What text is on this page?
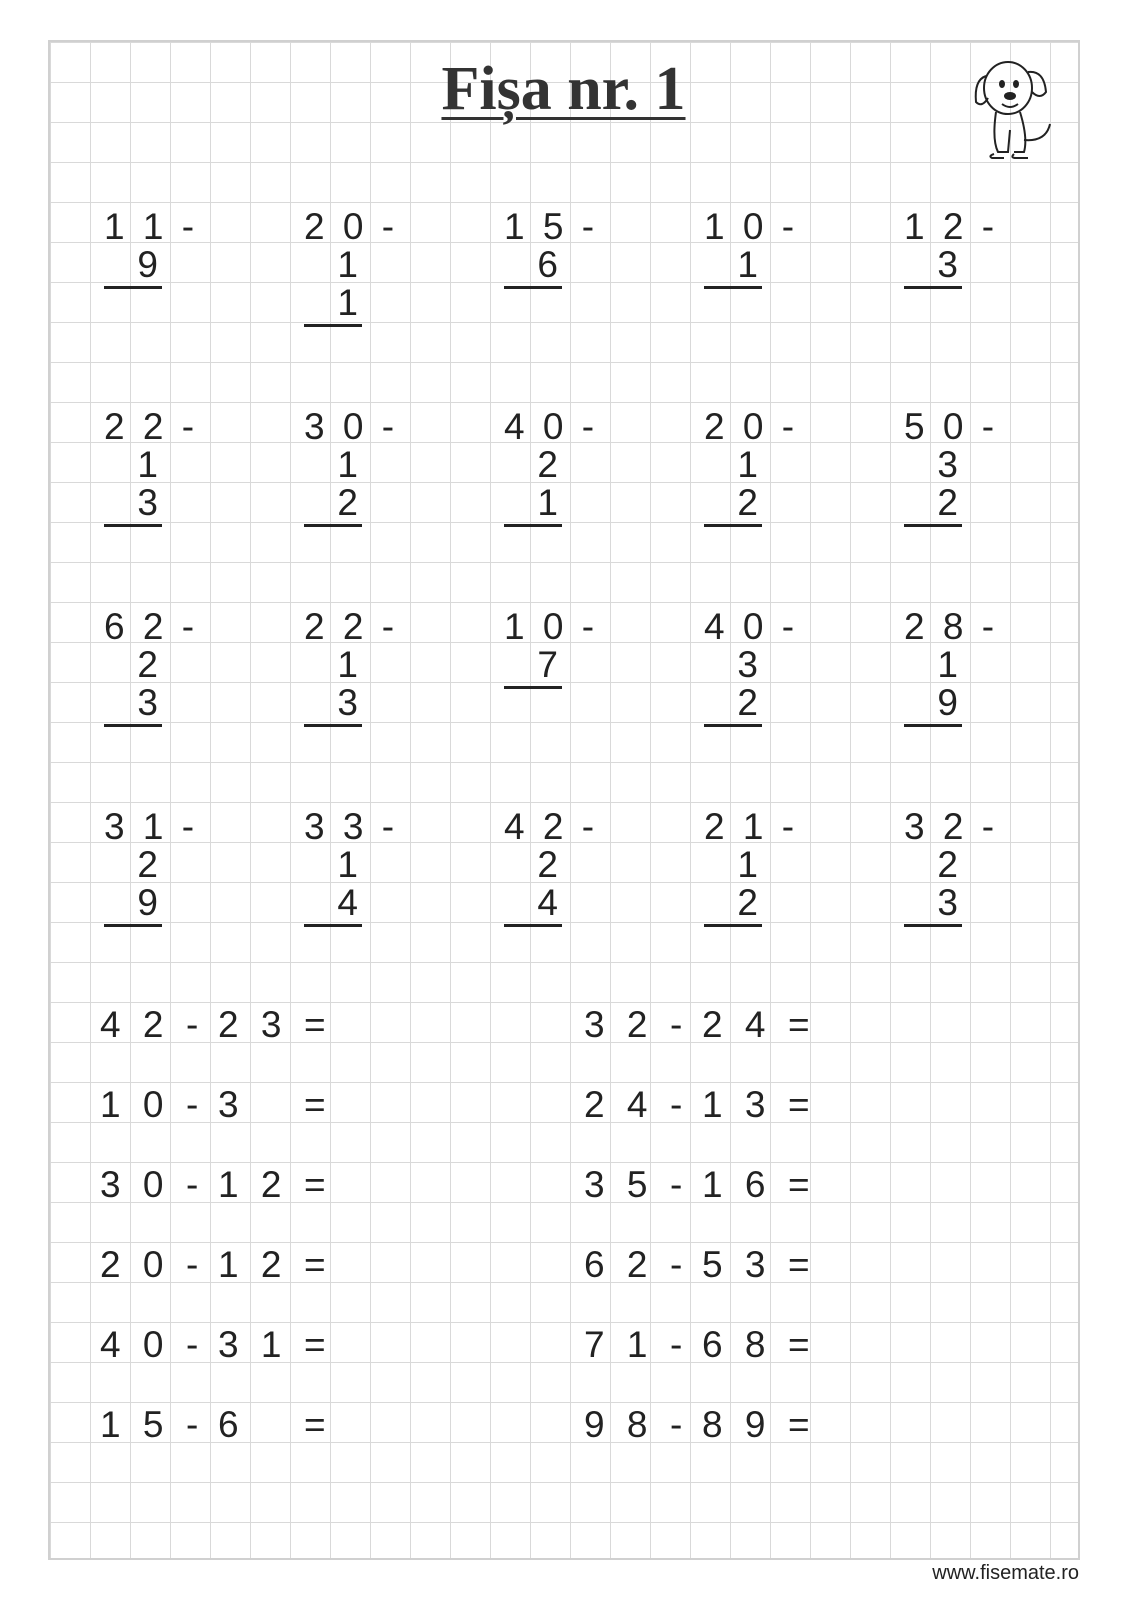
Fișa nr. 1
1 1 -
9
2 0 -
1 1
1 5 -
6
1 0 -
1
1 2 -
3
2 2 -
1 3
3 0 -
1 2
4 0 -
2 1
2 0 -
1 2
5 0 -
3 2
6 2 -
2 3
2 2 -
1 3
1 0 -
7
4 0 -
3 2
2 8 -
1 9
3 1 -
2 9
3 3 -
1 4
4 2 -
2 4
2 1 -
1 2
3 2 -
2 3
4 2 - 2 3 =
1 0 - 3 =
3 0 - 1 2 =
2 0 - 1 2 =
4 0 - 3 1 =
1 5 - 6 =
3 2 - 2 4 =
2 4 - 1 3 =
3 5 - 1 6 =
6 2 - 5 3 =
7 1 - 6 8 =
9 8 - 8 9 =
www.fisemate.ro
